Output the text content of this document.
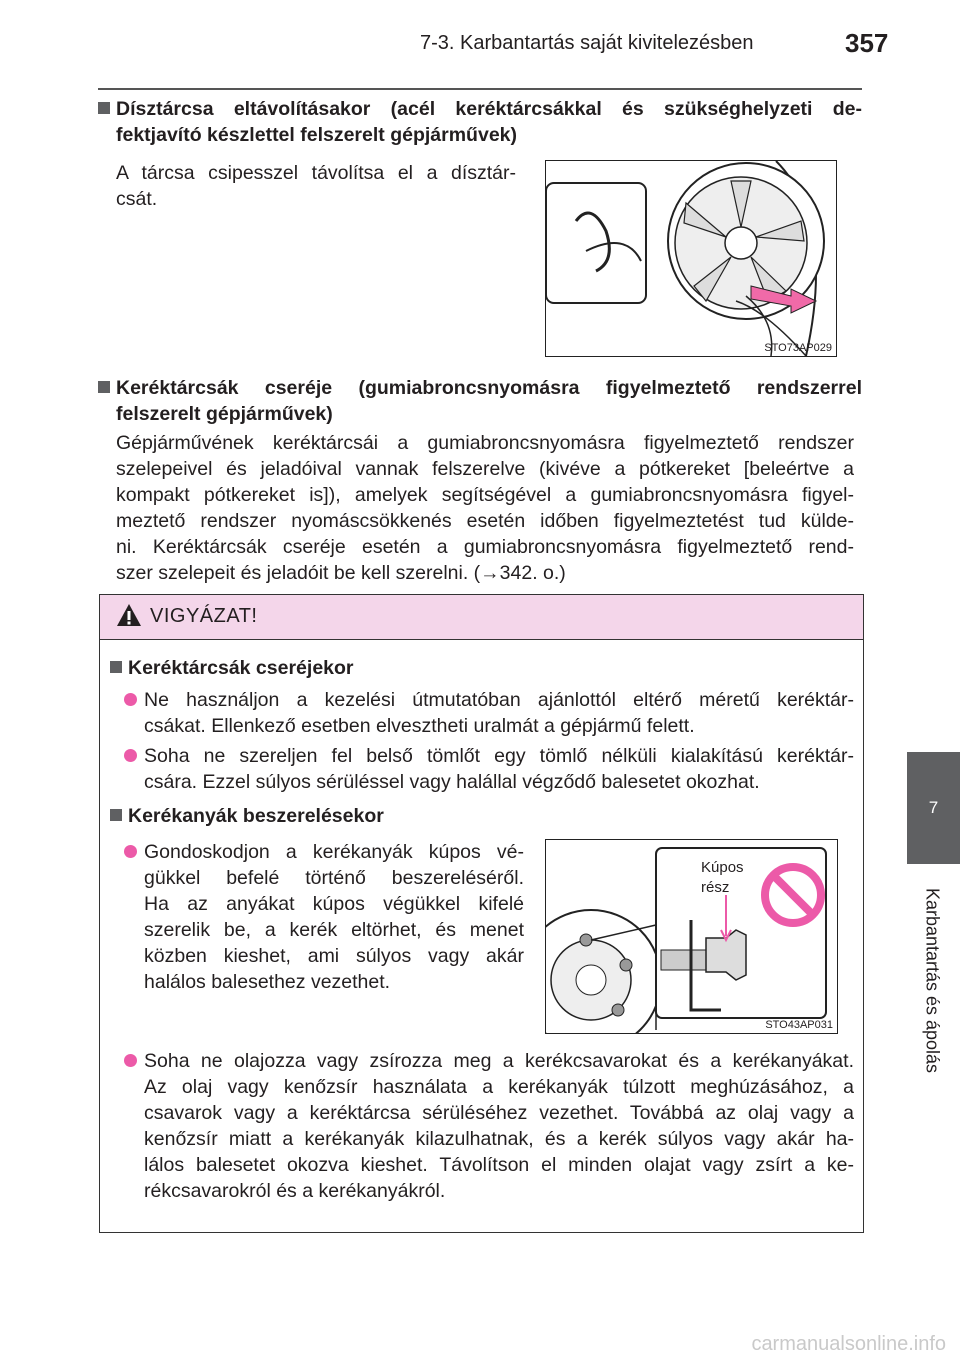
7-3. Karbantartás saját kivitelezésben	357
7
Karbantartás és ápolás
Dísztárcsa eltávolításakor (acél keréktárcsákkal és szükséghelyzeti de-
fektjavító készlettel felszerelt gépjárművek)
A tárcsa csipesszel távolítsa el a dísztár-
csát.
STO73AP029
Keréktárcsák cseréje (gumiabroncsnyomásra figyelmeztető rendszerrel
felszerelt gépjárművek)
Gépjárművének keréktárcsái a gumiabroncsnyomásra figyelmeztető rendszer
szelepeivel és jeladóival vannak felszerelve (kivéve a pótkereket [beleértve a
kompakt pótkereket is]), amelyek segítségével a gumiabroncsnyomásra figyel-
meztető rendszer nyomáscsökkenés esetén időben figyelmeztetést tud külde-
ni. Keréktárcsák cseréje esetén a gumiabroncsnyomásra figyelmeztető rend-
szer szelepeit és jeladóit be kell szerelni. (→342. o.)
VIGYÁZAT!
Keréktárcsák cseréjekor
Ne használjon a kezelési útmutatóban ajánlottól eltérő méretű keréktár-
csákat. Ellenkező esetben elvesztheti uralmát a gépjármű felett.
Soha ne szereljen fel belső tömlőt egy tömlő nélküli kialakítású keréktár-
csára. Ezzel súlyos sérüléssel vagy halállal végződő balesetet okozhat.
Kerékanyák beszerelésekor
Gondoskodjon a kerékanyák kúpos vé-
gükkel befelé történő beszereléséről.
Ha az anyákat kúpos végükkel kifelé
szerelik be, a kerék eltörhet, és menet
közben kieshet, ami súlyos vagy akár
halálos balesethez vezethet.
Kúpos
rész
STO43AP031
Soha ne olajozza vagy zsírozza meg a kerékcsavarokat és a kerékanyákat.
Az olaj vagy kenőzsír használata a kerékanyák túlzott meghúzásához, a
csavarok vagy a keréktárcsa sérüléséhez vezethet. Továbbá az olaj vagy a
kenőzsír miatt a kerékanyák kilazulhatnak, és a kerék súlyos vagy akár ha-
lálos balesetet okozva kieshet. Távolítson el minden olajat vagy zsírt a ke-
rékcsavarokról és a kerékanyákról.
carmanualsonline.info
